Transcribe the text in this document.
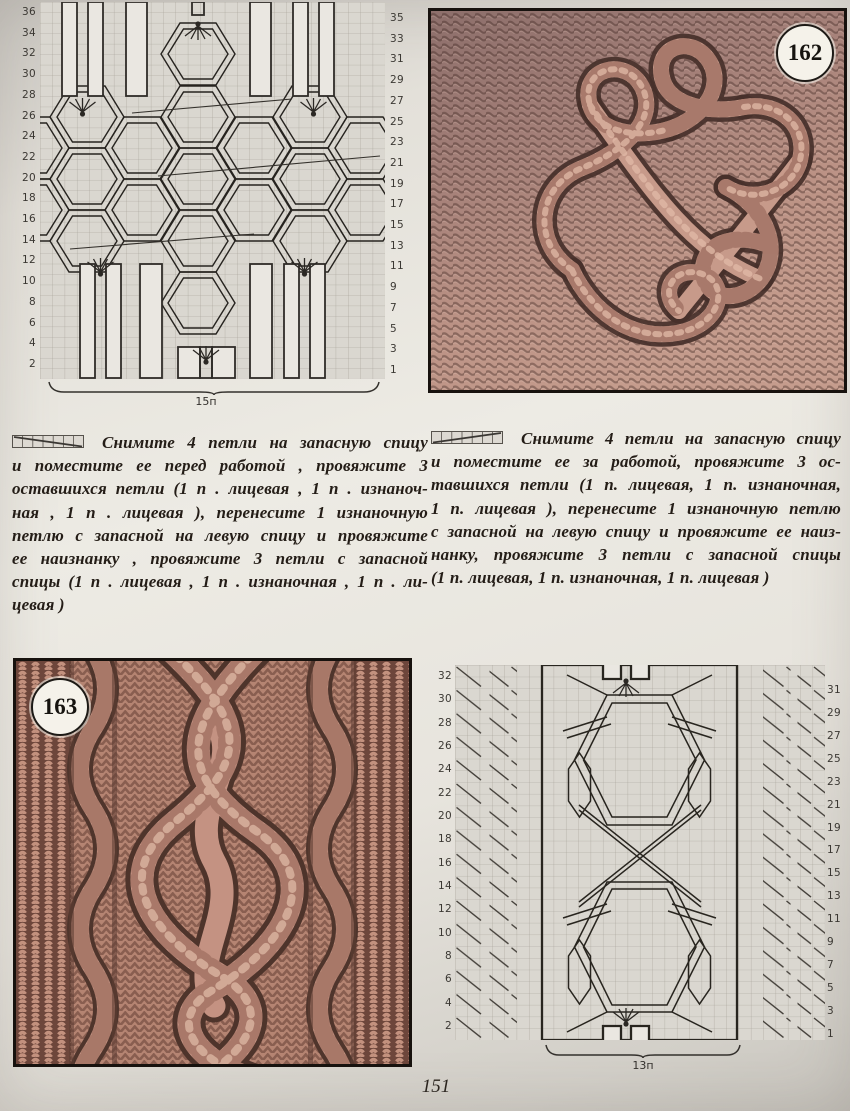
36
34
32
30
28
26
24
22
20
18
16
14
12
10
8
6
4
2
35
33
31
29
27
25
23
21
19
17
15
13
11
9
7
5
3
1
15п
162
Снимите 4 петли на запасную спицу
и поместите ее перед работой , провяжите 3
оставшихся петли (1 п . лицевая , 1 п . изнаноч-
ная , 1 п . лицевая ), перенесите 1 изнаночную
петлю с запасной на левую спицу и провяжите
ее наизнанку , провяжите 3 петли с запасной
спицы (1 п . лицевая , 1 п . изнаночная , 1 п . ли-
цевая )
Снимите 4 петли на запасную спицу
и поместите ее за работой, провяжите 3 ос-
тавшихся петли (1 п. лицевая, 1 п. изнаночная,
1 п. лицевая ), перенесите 1 изнаночную петлю
с запасной на левую спицу и провяжите ее наиз-
нанку, провяжите 3 петли с запасной спицы
(1 п. лицевая, 1 п. изнаночная, 1 п. лицевая )
163
32
30
28
26
24
22
20
18
16
14
12
10
8
6
4
2
31
29
27
25
23
21
19
17
15
13
11
9
7
5
3
1
13п
151
